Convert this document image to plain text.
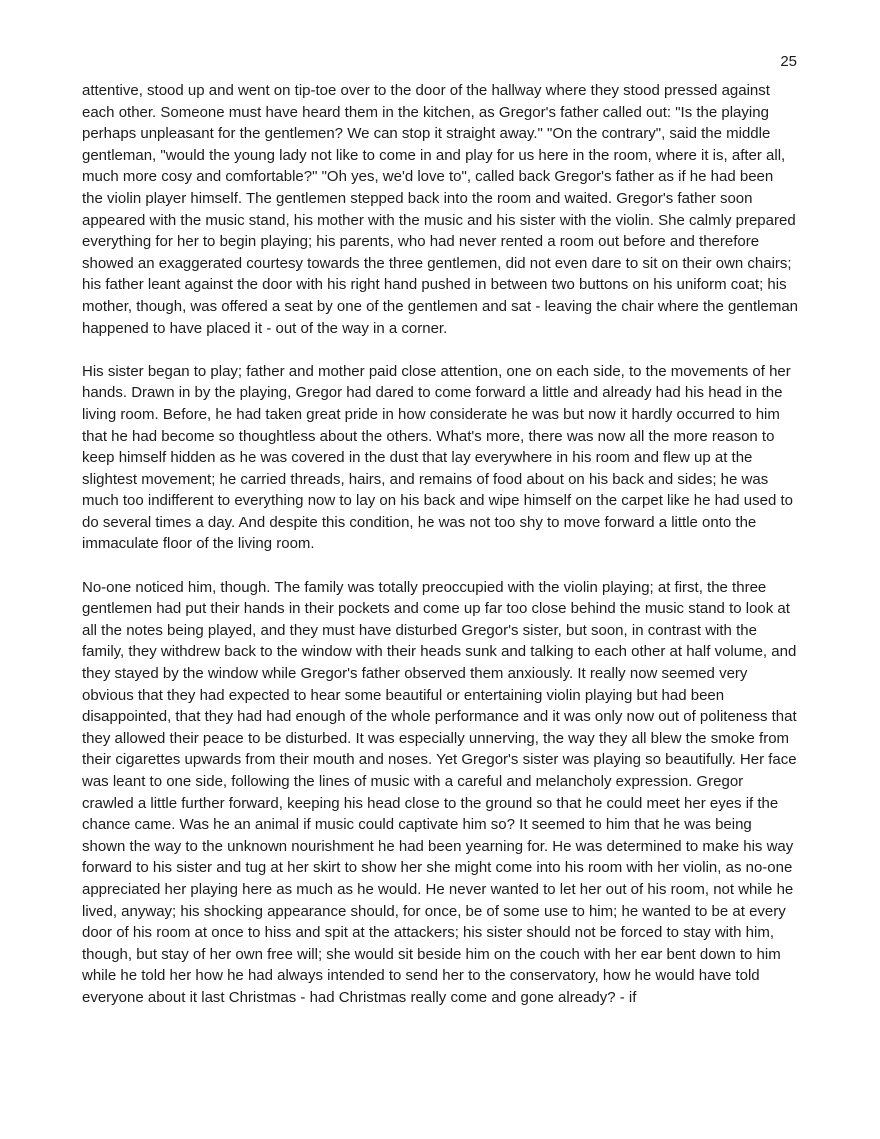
25

attentive, stood up and went on tip-toe over to the door of the hallway where they stood pressed against each other. Someone must have heard them in the kitchen, as Gregor's father called out: "Is the playing perhaps unpleasant for the gentlemen? We can stop it straight away." "On the contrary", said the middle gentleman, "would the young lady not like to come in and play for us here in the room, where it is, after all, much more cosy and comfortable?" "Oh yes, we'd love to", called back Gregor's father as if he had been the violin player himself. The gentlemen stepped back into the room and waited. Gregor's father soon appeared with the music stand, his mother with the music and his sister with the violin. She calmly prepared everything for her to begin playing; his parents, who had never rented a room out before and therefore showed an exaggerated courtesy towards the three gentlemen, did not even dare to sit on their own chairs; his father leant against the door with his right hand pushed in between two buttons on his uniform coat; his mother, though, was offered a seat by one of the gentlemen and sat - leaving the chair where the gentleman happened to have placed it - out of the way in a corner.

His sister began to play; father and mother paid close attention, one on each side, to the movements of her hands. Drawn in by the playing, Gregor had dared to come forward a little and already had his head in the living room. Before, he had taken great pride in how considerate he was but now it hardly occurred to him that he had become so thoughtless about the others. What's more, there was now all the more reason to keep himself hidden as he was covered in the dust that lay everywhere in his room and flew up at the slightest movement; he carried threads, hairs, and remains of food about on his back and sides; he was much too indifferent to everything now to lay on his back and wipe himself on the carpet like he had used to do several times a day. And despite this condition, he was not too shy to move forward a little onto the immaculate floor of the living room.

No-one noticed him, though. The family was totally preoccupied with the violin playing; at first, the three gentlemen had put their hands in their pockets and come up far too close behind the music stand to look at all the notes being played, and they must have disturbed Gregor's sister, but soon, in contrast with the family, they withdrew back to the window with their heads sunk and talking to each other at half volume, and they stayed by the window while Gregor's father observed them anxiously. It really now seemed very obvious that they had expected to hear some beautiful or entertaining violin playing but had been disappointed, that they had had enough of the whole performance and it was only now out of politeness that they allowed their peace to be disturbed. It was especially unnerving, the way they all blew the smoke from their cigarettes upwards from their mouth and noses. Yet Gregor's sister was playing so beautifully. Her face was leant to one side, following the lines of music with a careful and melancholy expression. Gregor crawled a little further forward, keeping his head close to the ground so that he could meet her eyes if the chance came. Was he an animal if music could captivate him so? It seemed to him that he was being shown the way to the unknown nourishment he had been yearning for. He was determined to make his way forward to his sister and tug at her skirt to show her she might come into his room with her violin, as no-one appreciated her playing here as much as he would. He never wanted to let her out of his room, not while he lived, anyway; his shocking appearance should, for once, be of some use to him; he wanted to be at every door of his room at once to hiss and spit at the attackers; his sister should not be forced to stay with him, though, but stay of her own free will; she would sit beside him on the couch with her ear bent down to him while he told her how he had always intended to send her to the conservatory, how he would have told everyone about it last Christmas - had Christmas really come and gone already? - if
